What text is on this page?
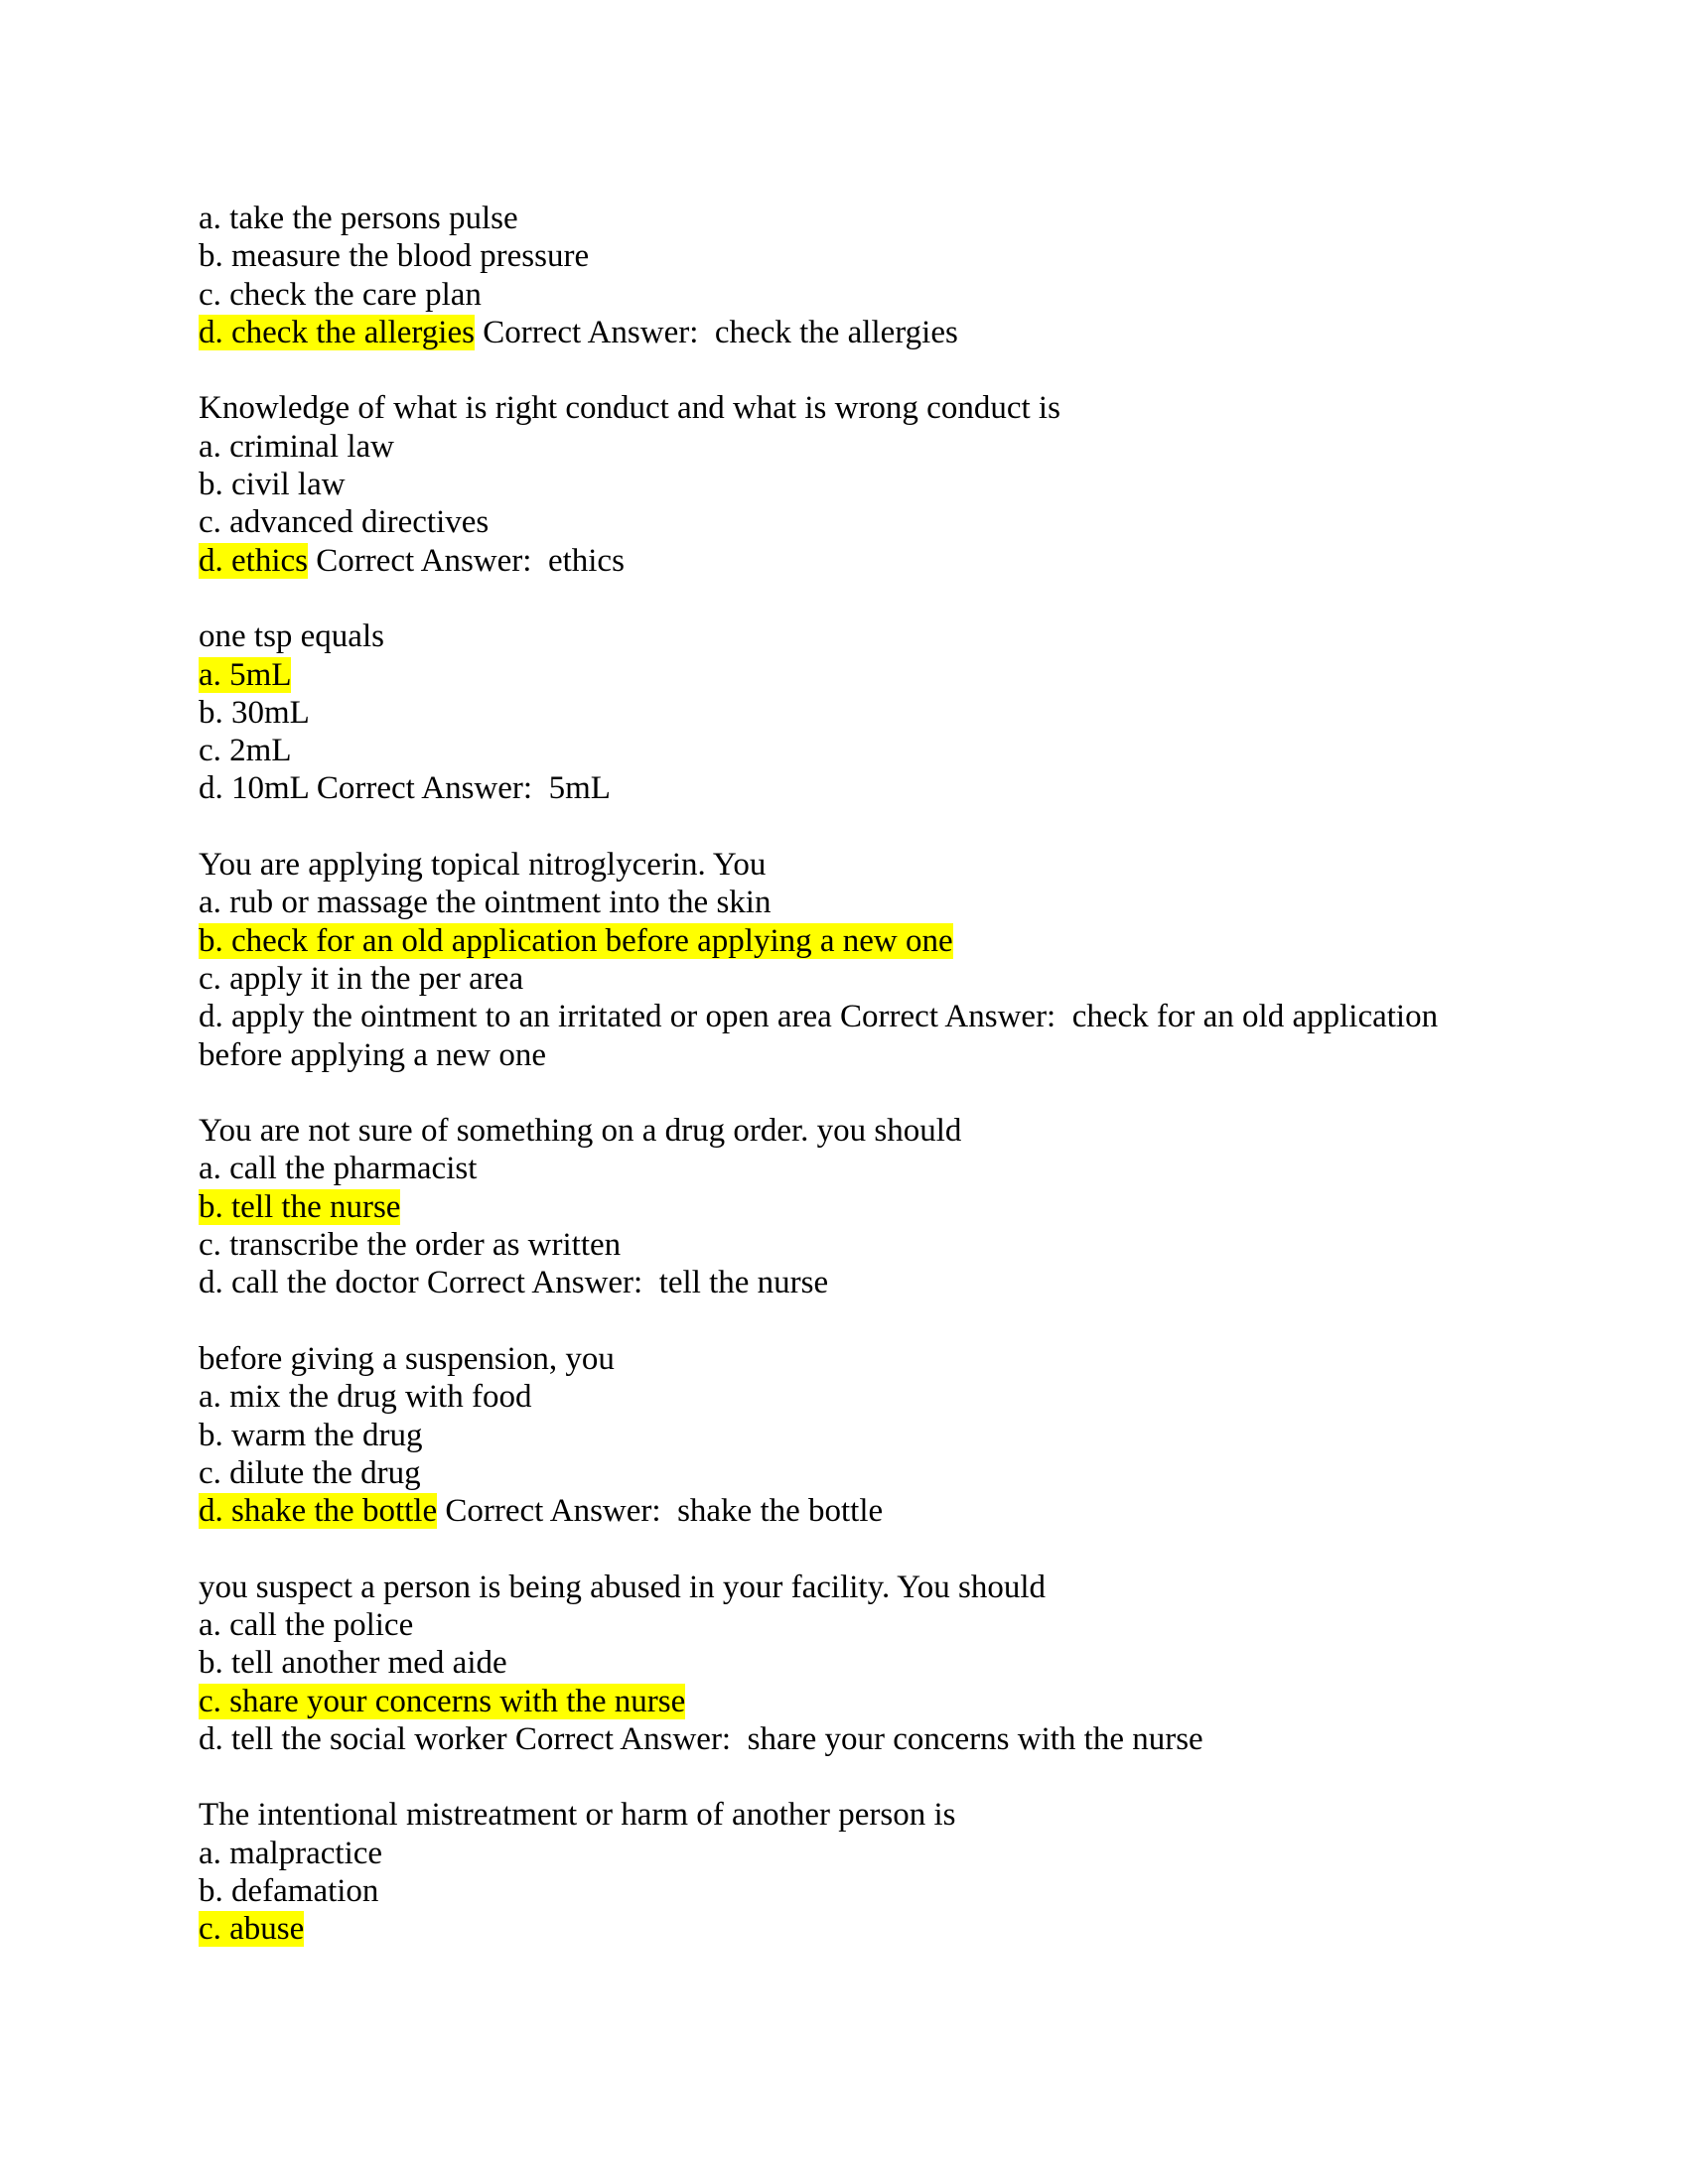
a. take the persons pulse
b. measure the blood pressure
c. check the care plan
d. check the allergies Correct Answer: check the allergies
Knowledge of what is right conduct and what is wrong conduct is
a. criminal law
b. civil law
c. advanced directives
d. ethics Correct Answer: ethics
one tsp equals
a. 5mL
b. 30mL
c. 2mL
d. 10mL Correct Answer: 5mL
You are applying topical nitroglycerin. You
a. rub or massage the ointment into the skin
b. check for an old application before applying a new one
c. apply it in the per area
d. apply the ointment to an irritated or open area Correct Answer: check for an old application
before applying a new one
You are not sure of something on a drug order. you should
a. call the pharmacist
b. tell the nurse
c. transcribe the order as written
d. call the doctor Correct Answer: tell the nurse
before giving a suspension, you
a. mix the drug with food
b. warm the drug
c. dilute the drug
d. shake the bottle Correct Answer: shake the bottle
you suspect a person is being abused in your facility. You should
a. call the police
b. tell another med aide
c. share your concerns with the nurse
d. tell the social worker Correct Answer: share your concerns with the nurse
The intentional mistreatment or harm of another person is
a. malpractice
b. defamation
c. abuse
